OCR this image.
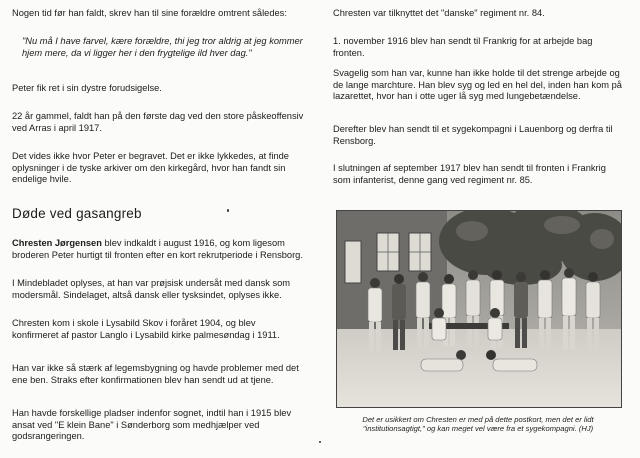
Nogen tid før han faldt, skrev han til sine forældre omtrent således:

"Nu må I have farvel, kære forældre, thi jeg tror aldrig at jeg kommer hjem mere, da vi ligger her i den frygtelige ild hver dag."

Peter fik ret i sin dystre forudsigelse.

22 år gammel, faldt han på den første dag ved den store påskeoffensiv ved Arras i april 1917.

Det vides ikke hvor Peter er begravet. Det er ikke lykkedes, at finde oplysninger i de tyske arkiver om den kirkegård, hvor han fandt sin endelige hvile.

Døde ved gasangreb

Chresten Jørgensen blev indkaldt i august 1916, og kom ligesom broderen Peter hurtigt til fronten efter en kort rekrutperiode i Rensborg.

I Mindebladet oplyses, at han var prøjsisk undersåt med dansk som modersmål. Sindelaget, altså dansk eller tysksindet, oplyses ikke.

Chresten kom i skole i Lysabild Skov i foråret 1904, og blev konfirmeret af pastor Langlo i Lysabild kirke palmesøndag i 1911.

Han var ikke så stærk af legemsbygning og havde problemer med det ene ben. Straks efter konfirmationen blev han sendt ud at tjene.

Han havde forskellige pladser indenfor sognet, indtil han i 1915 blev ansat ved "E klein Bane" i Sønderborg som medhjælper ved godsrangeringen.

Chresten var tilknyttet det "danske" regiment nr. 84.

1. november 1916 blev han sendt til Frankrig for at arbejde bag fronten.

Svagelig som han var, kunne han ikke holde til det strenge arbejde og de lange marchture. Han blev syg og led en hel del, inden han kom på lazarettet, hvor han i otte uger lå syg med lungebetændelse.

Derefter blev han sendt til et sygekompagni i Lauenborg og derfra til Rensborg.

I slutningen af september 1917 blev han sendt til fronten i Frankrig som infanterist, denne gang ved regiment nr. 85.

Det er usikkert om Chresten er med på dette postkort, men det er lidt "institutionsagtigt," og kan meget vel være fra et sygekompagni. (HJ)
